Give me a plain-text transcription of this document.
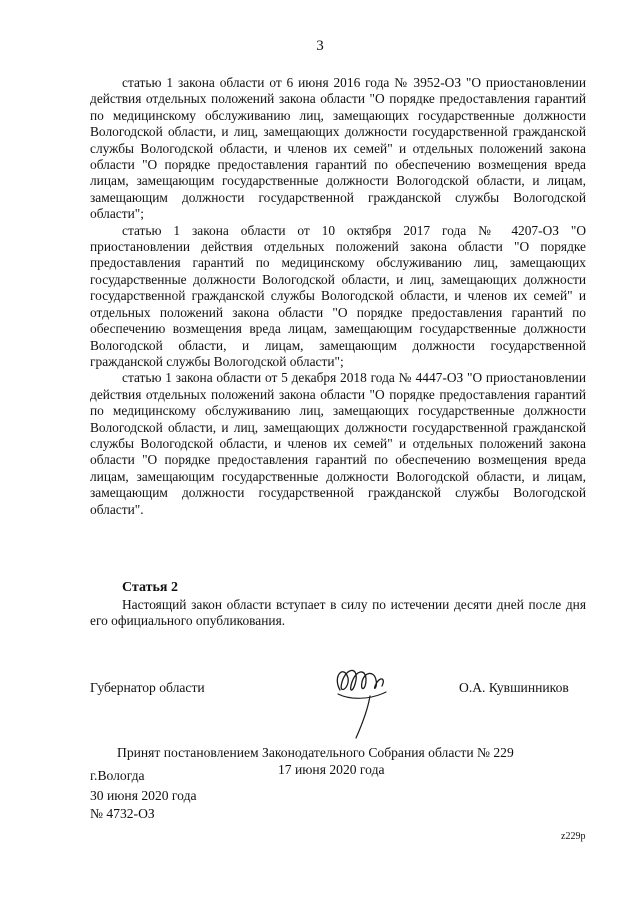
3

статью 1 закона области от 6 июня 2016 года № 3952-ОЗ "О приостановлении действия отдельных положений закона области "О порядке предоставления гарантий по медицинскому обслуживанию лиц, замещающих государственные должности Вологодской области, и лиц, замещающих должности государственной гражданской службы Вологодской области, и членов их семей" и отдельных положений закона области "О порядке предоставления гарантий по обеспечению возмещения вреда лицам, замещающим государственные должности Вологодской области, и лицам, замещающим должности государственной гражданской службы Вологодской области";

статью 1 закона области от 10 октября 2017 года № 4207-ОЗ "О приостановлении действия отдельных положений закона области "О порядке предоставления гарантий по медицинскому обслуживанию лиц, замещающих государственные должности Вологодской области, и лиц, замещающих должности государственной гражданской службы Вологодской области, и членов их семей" и отдельных положений закона области "О порядке предоставления гарантий по обеспечению возмещения вреда лицам, замещающим государственные должности Вологодской области, и лицам, замещающим должности государственной гражданской службы Вологодской области";

статью 1 закона области от 5 декабря 2018 года № 4447-ОЗ "О приостановлении действия отдельных положений закона области "О порядке предоставления гарантий по медицинскому обслуживанию лиц, замещающих государственные должности Вологодской области, и лиц, замещающих должности государственной гражданской службы Вологодской области, и членов их семей" и отдельных положений закона области "О порядке предоставления гарантий по обеспечению возмещения вреда лицам, замещающим государственные должности Вологодской области, и лицам, замещающим должности государственной гражданской службы Вологодской области".

Статья 2

Настоящий закон области вступает в силу по истечении десяти дней после дня его официального опубликования.

Губернатор области	О.А. Кувшинников
Принят постановлением Законодательного Собрания области № 229
17 июня 2020 года
г.Вологда
30 июня 2020 года
№ 4732-ОЗ
z229p
